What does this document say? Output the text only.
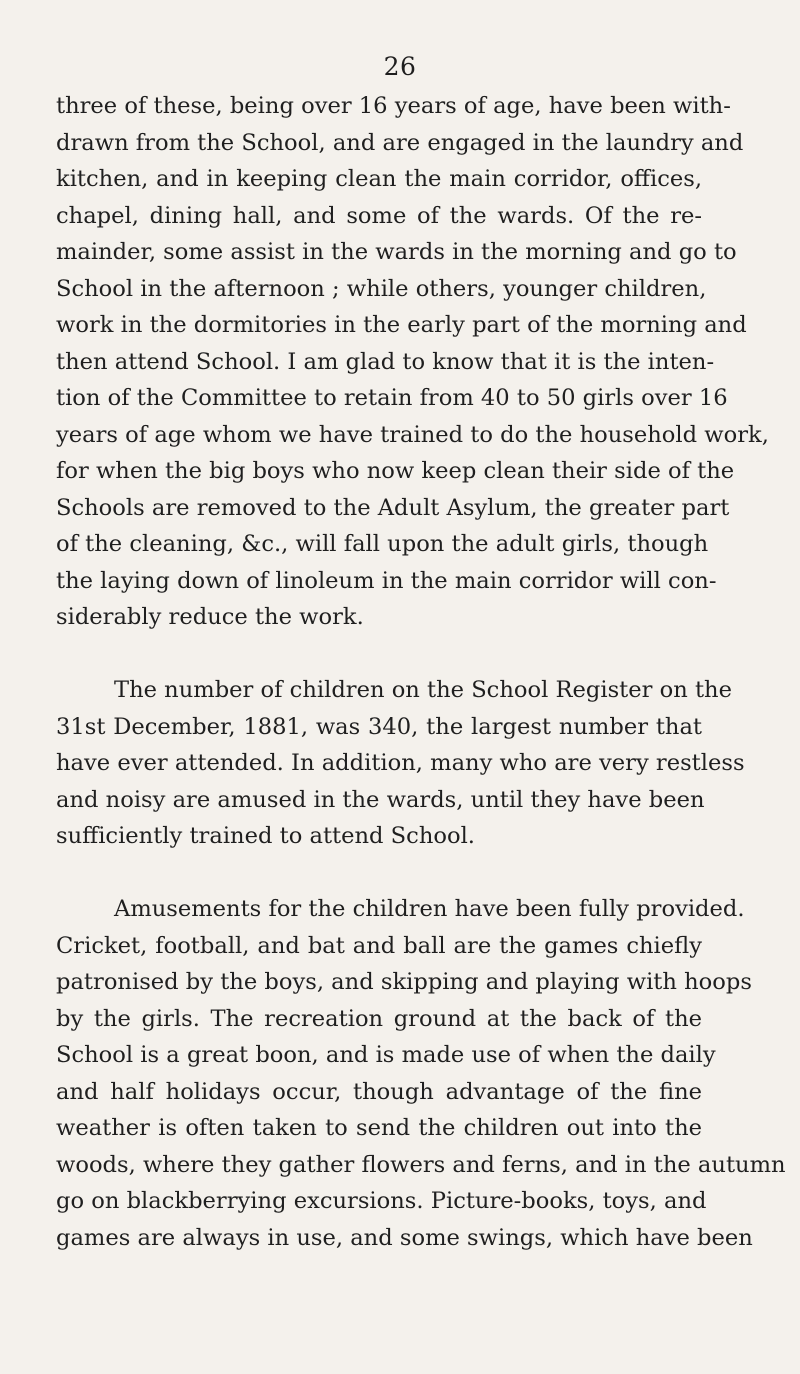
26

three of these, being over 16 years of age, have been with-
drawn from the School, and are engaged in the laundry and
kitchen, and in keeping clean the main corridor, offices,
chapel, dining hall, and some of the wards. Of the re-
mainder, some assist in the wards in the morning and go to
School in the afternoon ; while others, younger children,
work in the dormitories in the early part of the morning and
then attend School. I am glad to know that it is the inten-
tion of the Committee to retain from 40 to 50 girls over 16
years of age whom we have trained to do the household work,
for when the big boys who now keep clean their side of the
Schools are removed to the Adult Asylum, the greater part
of the cleaning, &c., will fall upon the adult girls, though
the laying down of linoleum in the main corridor will con-
siderably reduce the work.

The number of children on the School Register on the
31st December, 1881, was 340, the largest number that
have ever attended. In addition, many who are very restless
and noisy are amused in the wards, until they have been
sufficiently trained to attend School.

Amusements for the children have been fully provided.
Cricket, football, and bat and ball are the games chiefly
patronised by the boys, and skipping and playing with hoops
by the girls. The recreation ground at the back of the
School is a great boon, and is made use of when the daily
and half holidays occur, though advantage of the fine
weather is often taken to send the children out into the
woods, where they gather flowers and ferns, and in the autumn
go on blackberrying excursions. Picture-books, toys, and
games are always in use, and some swings, which have been
